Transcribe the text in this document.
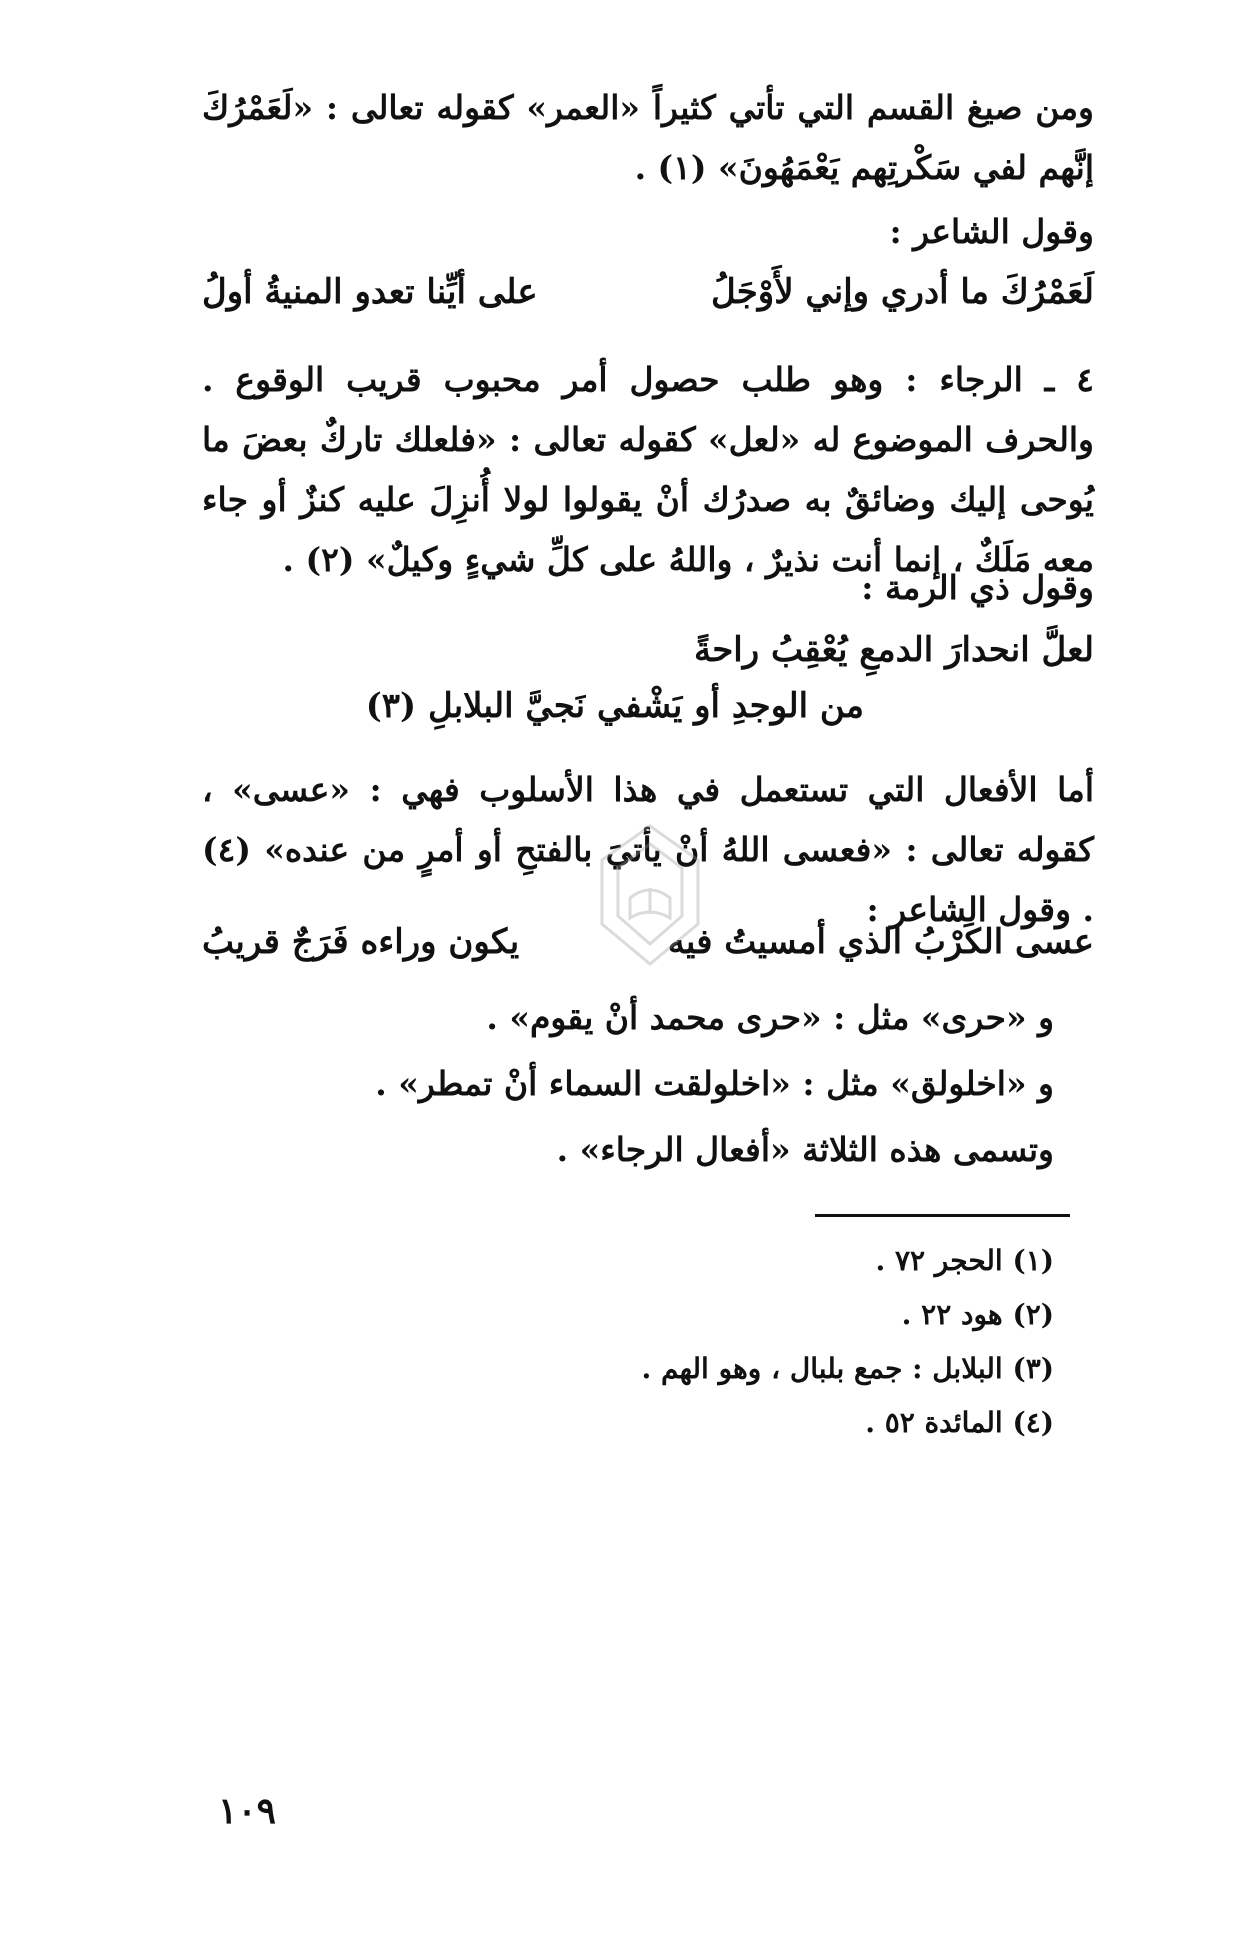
ومن صيغ القسم التي تأتي كثيراً «العمر» كقوله تعالى : «لَعَمْرُكَ إنَّهم لفي سَكْرتِهم يَعْمَهُونَ» (١) .
وقول الشاعر :
لَعَمْرُكَ ما أدري وإني لأَوْجَلُ
على أيِّنا تعدو المنيةُ أولُ
٤ ـ الرجاء : وهو طلب حصول أمر محبوب قريب الوقوع . والحرف الموضوع له «لعل» كقوله تعالى : «فلعلك تاركٌ بعضَ ما يُوحى إليك وضائقٌ به صدرُك أنْ يقولوا لولا أُنزِلَ عليه كنزٌ أو جاء معه مَلَكٌ ، إنما أنت نذيرٌ ، واللهُ على كلِّ شيءٍ وكيلٌ» (٢) .
وقول ذي الرمة :
لعلَّ انحدارَ الدمعِ يُعْقِبُ راحةً
من الوجدِ أو يَشْفي نَجيَّ البلابلِ (٣)
أما الأفعال التي تستعمل في هذا الأسلوب فهي : «عسى» ، كقوله تعالى : «فعسى اللهُ أنْ يأتيَ بالفتحِ أو أمرٍ من عنده» (٤) . وقول الشاعر :
عسى الكَرْبُ الذي أمسيتُ فيه
يكون وراءه فَرَجٌ قريبُ
و «حرى» مثل : «حرى محمد أنْ يقوم» .
و «اخلولق» مثل : «اخلولقت السماء أنْ تمطر» .
وتسمى هذه الثلاثة «أفعال الرجاء» .
(١) الحجر ٧٢ .
(٢) هود ٢٢ .
(٣) البلابل : جمع بلبال ، وهو الهم .
(٤) المائدة ٥٢ .
١٠٩
